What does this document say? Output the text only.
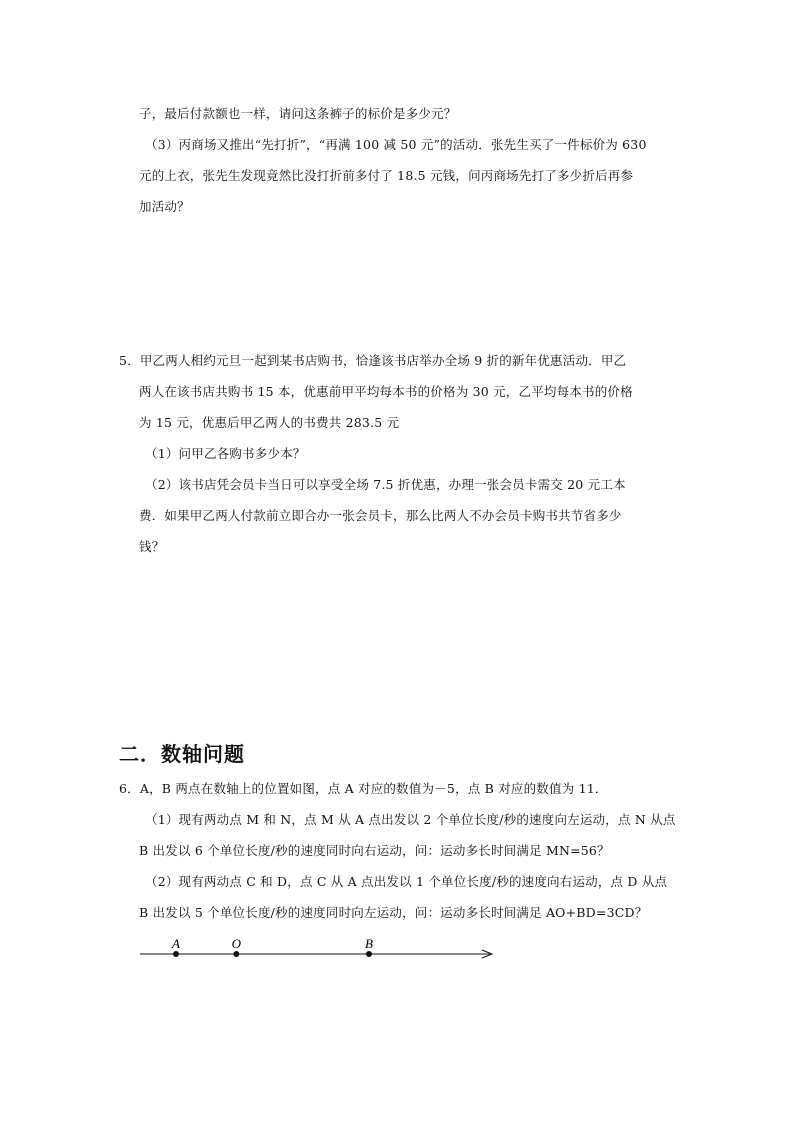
子，最后付款额也一样，请问这条裤子的标价是多少元？
（3）丙商场又推出“先打折”，“再满 100 减 50 元”的活动．张先生买了一件标价为 630
元的上衣，张先生发现竟然比没打折前多付了 18.5 元钱，问丙商场先打了多少折后再参
加活动？
5．甲乙两人相约元旦一起到某书店购书，恰逢该书店举办全场 9 折的新年优惠活动．甲乙
两人在该书店共购书 15 本，优惠前甲平均每本书的价格为 30 元，乙平均每本书的价格
为 15 元，优惠后甲乙两人的书费共 283.5 元
（1）问甲乙各购书多少本？
（2）该书店凭会员卡当日可以享受全场 7.5 折优惠，办理一张会员卡需交 20 元工本
费．如果甲乙两人付款前立即合办一张会员卡，那么比两人不办会员卡购书共节省多少
钱？
二．数轴问题
6．A，B 两点在数轴上的位置如图，点 A 对应的数值为－5，点 B 对应的数值为 11．
（1）现有两动点 M 和 N，点 M 从 A 点出发以 2 个单位长度/秒的速度向左运动，点 N 从点
B 出发以 6 个单位长度/秒的速度同时向右运动，问：运动多长时间满足 MN=56？
（2）现有两动点 C 和 D，点 C 从 A 点出发以 1 个单位长度/秒的速度向右运动，点 D 从点
B 出发以 5 个单位长度/秒的速度同时向左运动，问：运动多长时间满足 AO+BD=3CD？
A	O	B
